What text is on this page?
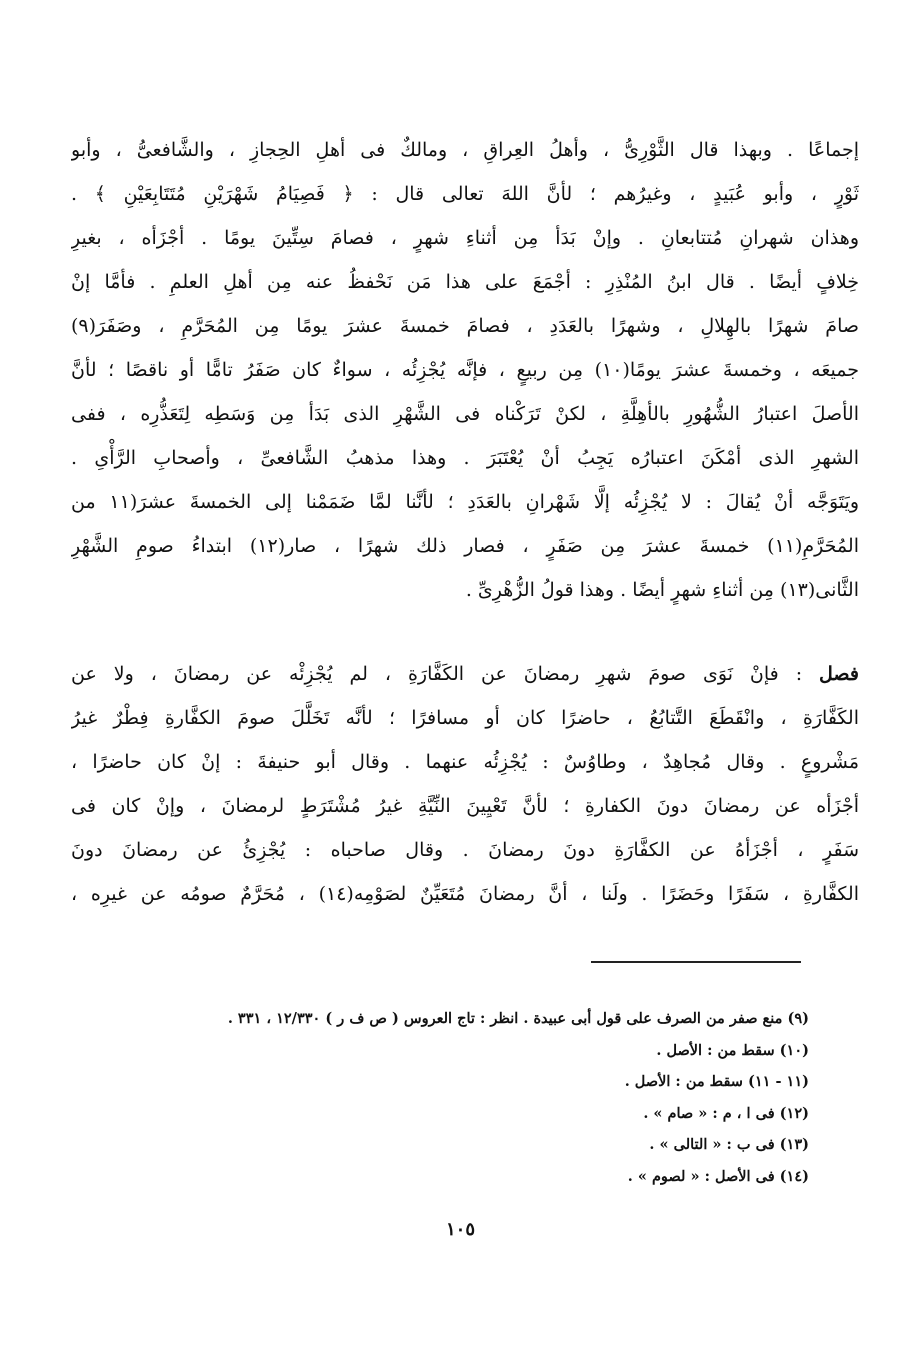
إجماعًا . وبهذا قال الثَّوْرِىُّ ، وأهلُ العِراقِ ، ومالكٌ فى أهلِ الحِجازِ ، والشَّافعىُّ ، وأبو
ثَوْرٍ ، وأبو عُبَيدٍ ، وغيرُهم ؛ لأنَّ اللهَ تعالى قال : ﴿ فَصِيَامُ شَهْرَيْنِ مُتَتَابِعَيْنِ ﴾ .
وهذان شهرانِ مُتتابعانِ . وإنْ بَدَأ مِن أثناءِ شهرٍ ، فصامَ سِتِّينَ يومًا . أجْزَأه ، بغيرِ
خِلافٍ أيضًا . قال ابنُ المُنْذِرِ : أجْمَعَ على هذا مَن نَحْفظُ عنه مِن أهلِ العلمِ . فأمَّا إنْ
صامَ شهرًا بالهِلالِ ، وشهرًا بالعَدَدِ ، فصامَ خمسةَ عشرَ يومًا مِن المُحَرَّمِ ، وصَفَرَ(٩)
جميعَه ، وخمسةَ عشرَ يومًا(١٠) مِن ربيعٍ ، فإنَّه يُجْزِئُه ، سواءٌ كان صَفَرُ تامًّا أو ناقصًا ؛ لأنَّ
الأصلَ اعتبارُ الشُّهُورِ بالأهِلَّةِ ، لكنْ تَرَكْناه فى الشَّهْرِ الذى بَدَأ مِن وَسَطِه لِتَعَذُّرِه ، ففى
الشهرِ الذى أمْكَنَ اعتبارُه يَجِبُ أنْ يُعْتَبَرَ . وهذا مذهبُ الشَّافعىِّ ، وأصحابِ الرَّأْىِ .
ويَتَوَجَّه أنْ يُقالَ : لا يُجْزِئُه إلَّا شَهْرانِ بالعَدَدِ ؛ لأنَّنا لمَّا ضَمَمْنا إلى الخمسةَ عشرَ(١١ من
المُحَرَّمِ(١١) خمسةَ عشرَ مِن صَفَرٍ ، فصار ذلك شهرًا ، صار(١٢) ابتداءُ صومِ الشَّهْرِ
الثَّانى(١٣) مِن أثناءِ شهرٍ أيضًا . وهذا قولُ الزُّهْرِىِّ .
فصل : فإنْ نَوَى صومَ شهرِ رمضانَ عن الكَفَّارَةِ ، لم يُجْزِئْه عن رمضانَ ، ولا عن
الكَفَّارَةِ ، وانْقَطَعَ التَّتابُعُ ، حاضرًا كان أو مسافرًا ؛ لأنَّه تَخَلَّلَ صومَ الكفَّارةِ فِطْرٌ غيرُ
مَشْروعٍ . وقال مُجاهِدٌ ، وطاوُسٌ : يُجْزِئُه عنهما . وقال أبو حنيفةَ : إنْ كان حاضرًا ،
أجْزَأه عن رمضانَ دونَ الكفارةِ ؛ لأنَّ تَعْيِينَ النِّيَّةِ غيرُ مُشْتَرَطٍ لرمضانَ ، وإنْ كان فى
سَفَرٍ ، أجْزَأهُ عن الكفَّارَةِ دونَ رمضانَ . وقال صاحباه : يُجْزِئُ عن رمضانَ دونَ
الكفَّارةِ ، سَفَرًا وحَضَرًا . ولَنا ، أنَّ رمضانَ مُتَعَيِّنٌ لصَوْمِه(١٤) ، مُحَرَّمٌ صومُه عن غيرِه ،
(٩) منع صفر من الصرف على قول أبى عبيدة . انظر : تاج العروس ( ص ف ر ) ١٢/٣٣٠ ، ٣٣١ .
(١٠) سقط من : الأصل .
(١١ - ١١) سقط من : الأصل .
(١٢) فى ا ، م : « صام » .
(١٣) فى ب : « التالى » .
(١٤) فى الأصل : « لصوم » .
١٠٥
